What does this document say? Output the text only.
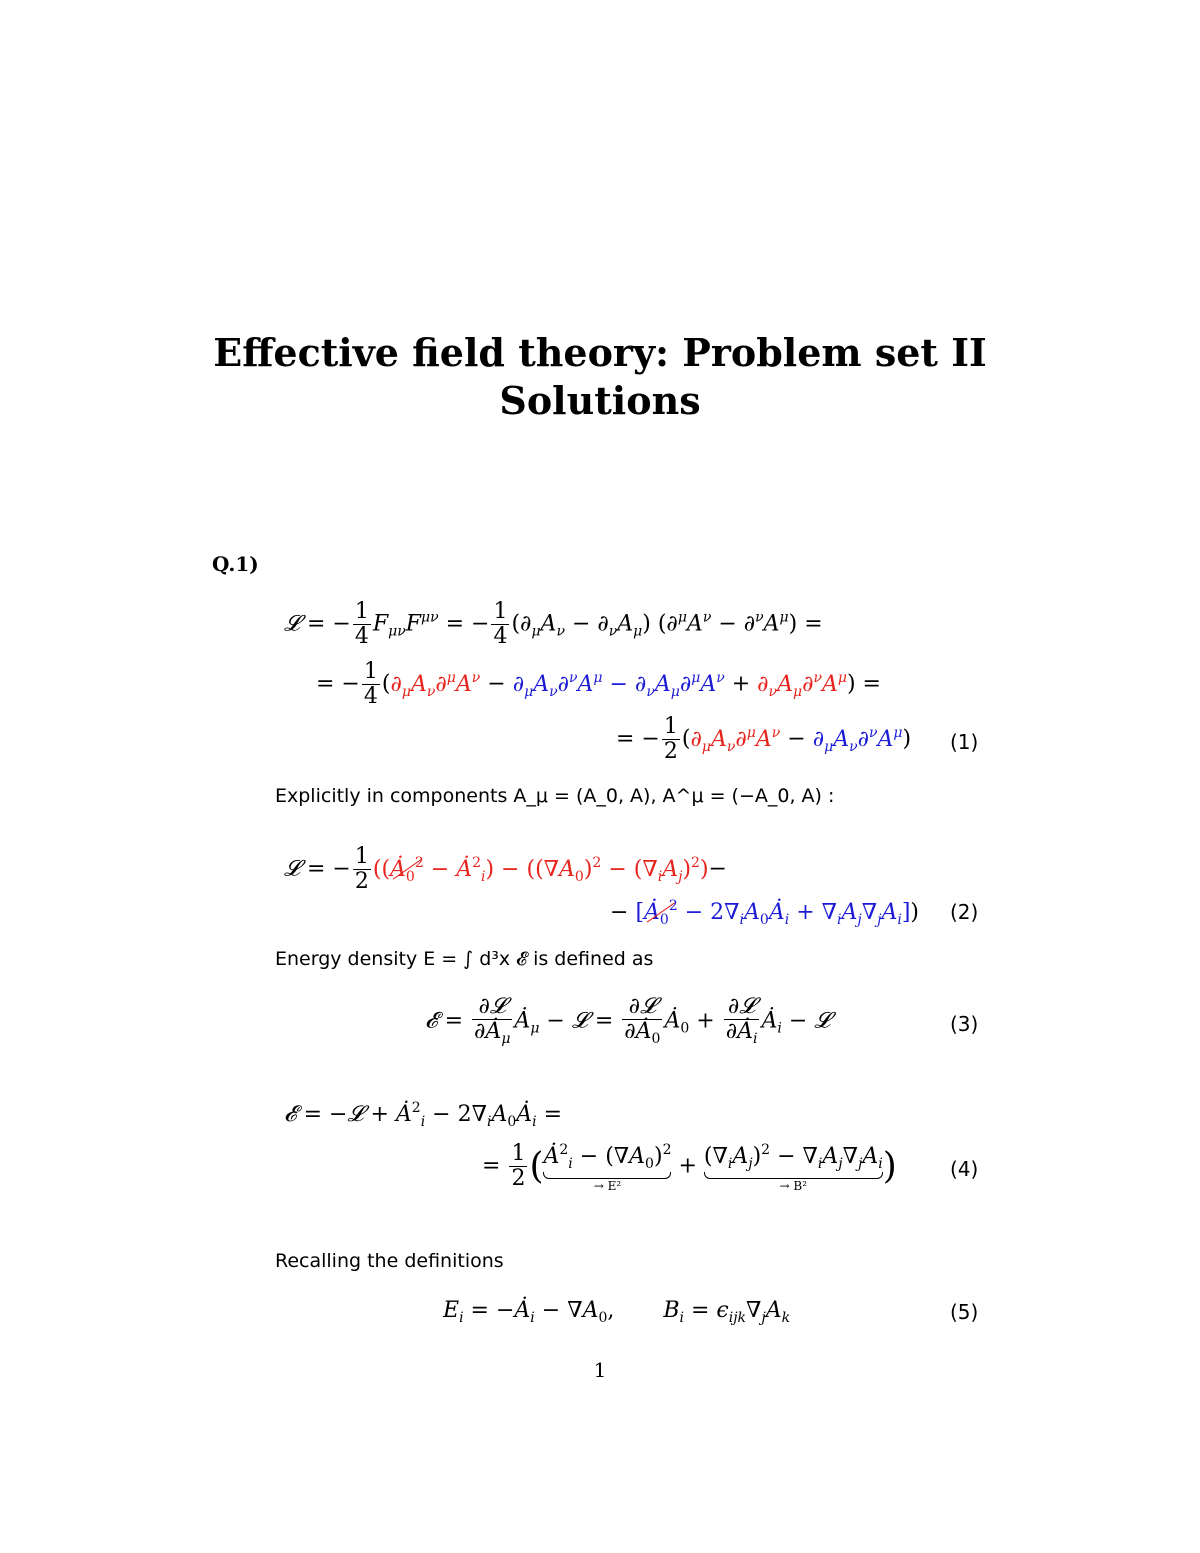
Effective field theory: Problem set II
Solutions
Q.1)
𝓛 = − $\frac{1}{4} F_{\mu\nu}F^{\mu\nu}$ = − $\frac{1}{4} (\partial_\mu A_\nu - \partial_\nu A_\mu) (\partial^\mu A^\nu - \partial^\nu A^\mu)$ =
= − $\frac{1}{4} (\partial_\mu A_\nu\partial^\mu A^\nu - \partial_\mu A_\nu\partial^\nu A^\mu - \partial_\nu A_\mu\partial^\mu A^\nu + \partial_\nu A_\mu\partial^\nu A^\mu)$ =
= − $\frac{1}{2} (\partial_\mu A_\nu\partial^\mu A^\nu - \partial_\mu A_\nu\partial^\nu A^\mu)$ (1)
Explicitly in components A_μ = (A_0, A), A^μ = (−A_0, A) :
𝓛 = − $\frac{1}{2}$ (($Ȧ_0^2$ − $Ȧ^2_i) - ((\nabla A_0)^2 - (\nabla_iA_j)^2)-$
− [$Ȧ_0^2$ − $2\nabla_iA_0Ȧ_i + \nabla_iA_j\nabla_jA_i$]) (2)
Energy density E = ∫ d³x 𝓔 is defined as
𝓔 = $\frac{\text{∂𝓛}}{\partial Ȧ_\mu}$ $Ȧ_\mu$ − 𝓛 = $\frac{\text{∂𝓛}}{\partial Ȧ_0}$ $Ȧ_0 + \frac{\text{∂𝓛}}{\partial Ȧ_i}$ $Ȧ_i$ − 𝓛	(3)
𝓔 = −𝓛 + $Ȧ^2_i$ − $2\nabla_iA_0Ȧ_i$ =
= $\frac{1}{2}$ ($Ȧ^2_i - (\nabla A_0)^2$
→ E²
+ $(\nabla_iA_j)^2 - \nabla_iA_j\nabla_jA_i$
→ B²	)	(4)
Recalling the definitions
$E_i$ = $-Ȧ_i - \nabla A_0$,       $B_i = \epsilon_{ijk}\nabla_jA_k$	(5)
1
